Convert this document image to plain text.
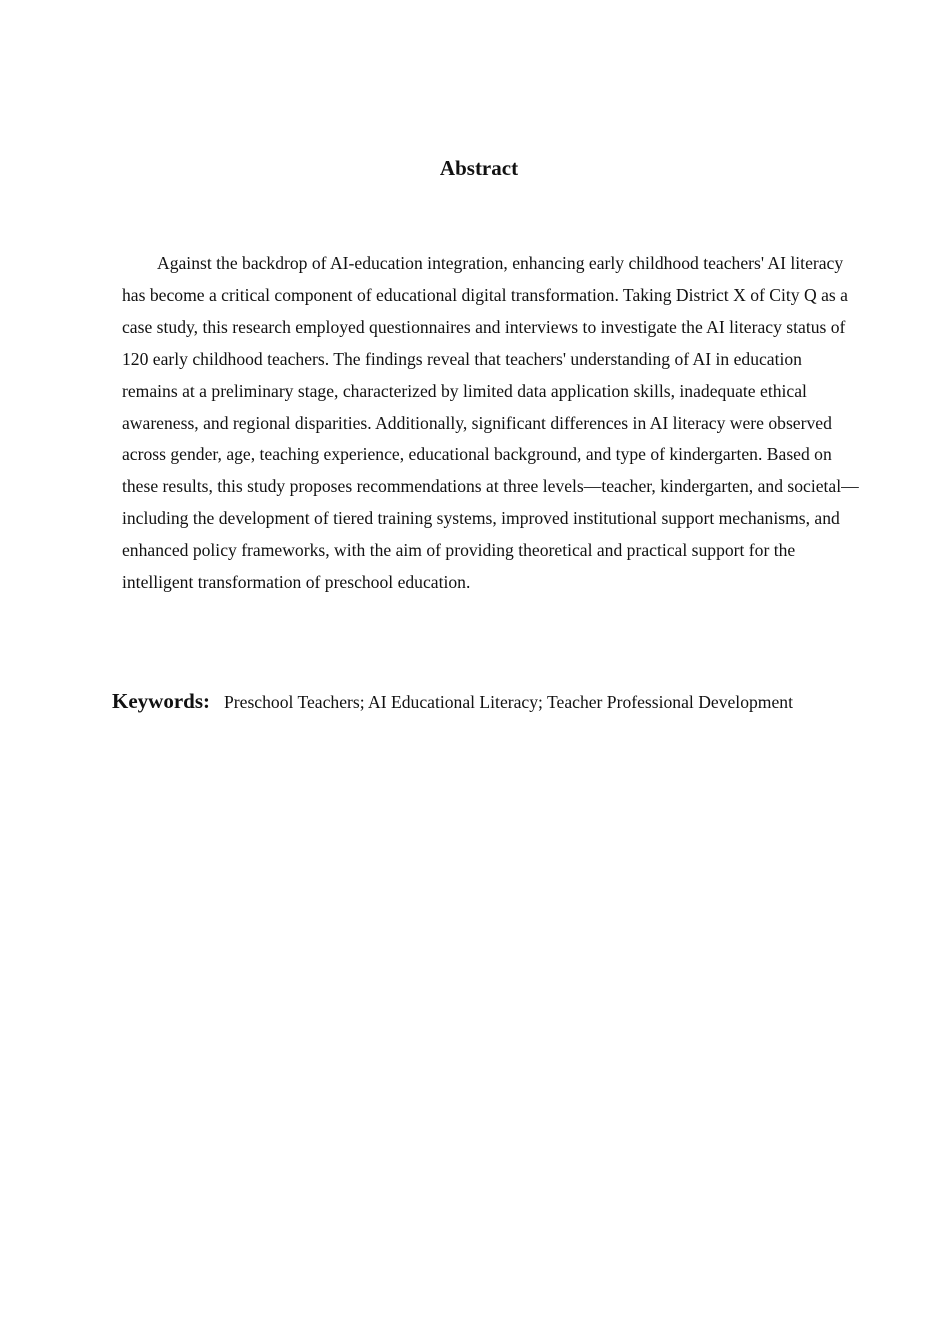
Abstract

Against the backdrop of AI-education integration, enhancing early childhood teachers' AI literacy has become a critical component of educational digital transformation. Taking District X of City Q as a case study, this research employed questionnaires and interviews to investigate the AI literacy status of 120 early childhood teachers. The findings reveal that teachers' understanding of AI in education remains at a preliminary stage, characterized by limited data application skills, inadequate ethical awareness, and regional disparities. Additionally, significant differences in AI literacy were observed across gender, age, teaching experience, educational background, and type of kindergarten. Based on these results, this study proposes recommendations at three levels—teacher, kindergarten, and societal—including the development of tiered training systems, improved institutional support mechanisms, and enhanced policy frameworks, with the aim of providing theoretical and practical support for the intelligent transformation of preschool education.

Keywords: Preschool Teachers; AI Educational Literacy; Teacher Professional Development
